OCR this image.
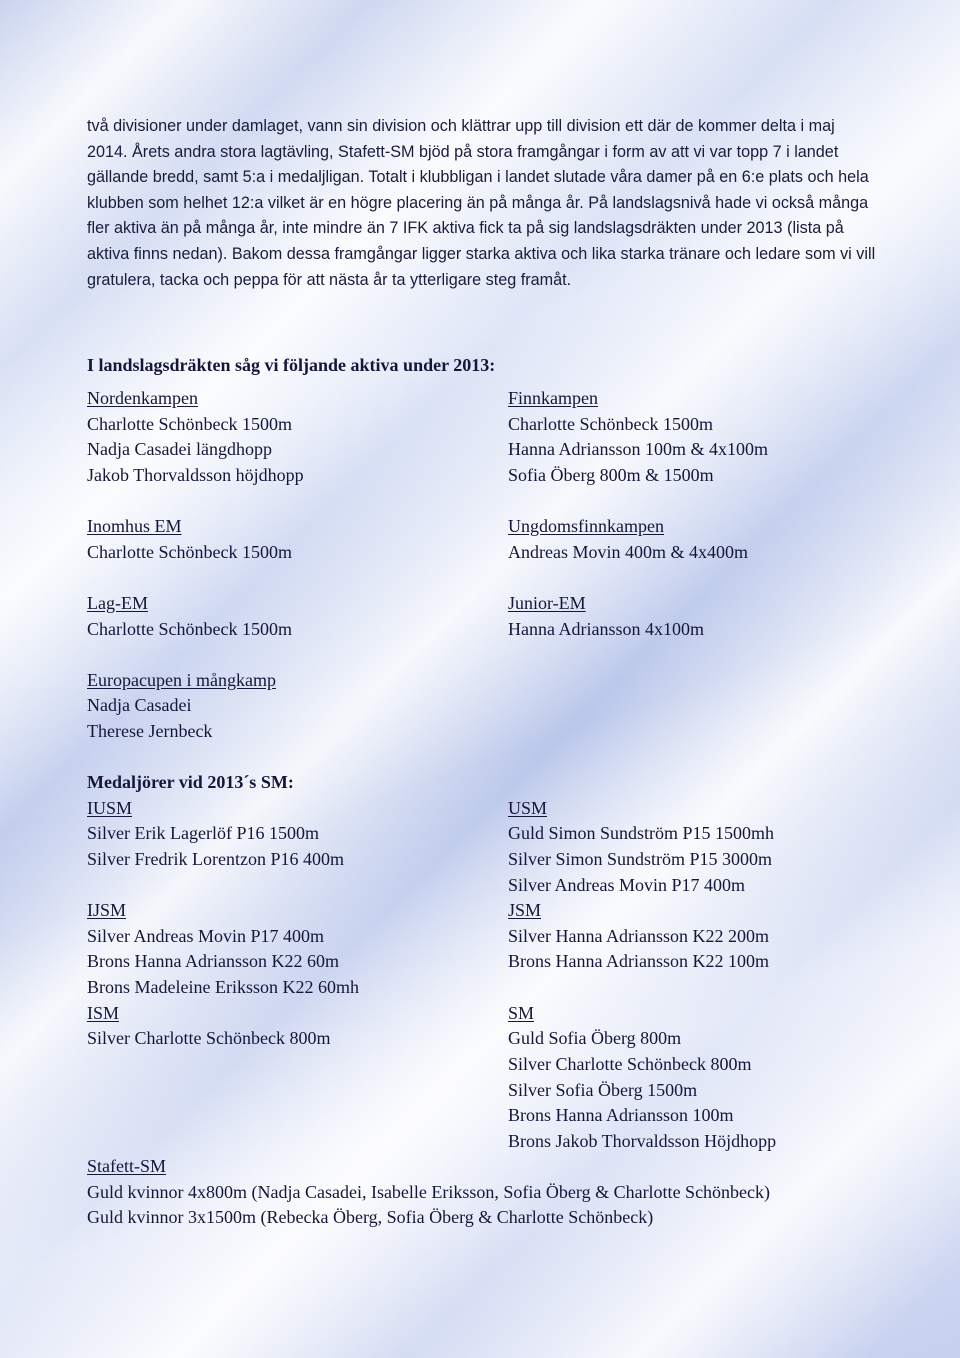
två divisioner under damlaget, vann sin division och klättrar upp till division ett där de kommer delta i maj 2014. Årets andra stora lagtävling, Stafett-SM bjöd på stora framgångar i form av att vi var topp 7 i landet gällande bredd, samt 5:a i medaljligan. Totalt i klubbligan i landet slutade våra damer på en 6:e plats och hela klubben som helhet 12:a vilket är en högre placering än på många år. På landslagsnivå hade vi också många fler aktiva än på många år, inte mindre än 7 IFK aktiva fick ta på sig landslagsdräkten under 2013 (lista på aktiva finns nedan). Bakom dessa framgångar ligger starka aktiva och lika starka tränare och ledare som vi vill gratulera, tacka och peppa för att nästa år ta ytterligare steg framåt.

I landslagsdräkten såg vi följande aktiva under 2013:

Nordenkampen
Charlotte Schönbeck 1500m
Nadja Casadei längdhopp
Jakob Thorvaldsson höjdhopp
Finnkampen
Charlotte Schönbeck 1500m
Hanna Adriansson 100m & 4x100m
Sofia Öberg 800m & 1500m
Inomhus EM
Charlotte Schönbeck 1500m
Ungdomsfinnkampen
Andreas Movin 400m & 4x400m
Lag-EM
Charlotte Schönbeck 1500m
Junior-EM
Hanna Adriansson 4x100m
Europacupen i mångkamp
Nadja Casadei
Therese Jernbeck
Medaljörer vid 2013´s SM:
IUSM
Silver Erik Lagerlöf P16 1500m
Silver Fredrik Lorentzon P16 400m
USM
Guld Simon Sundström P15 1500mh
Silver Simon Sundström P15 3000m
Silver Andreas Movin P17 400m
IJSM
Silver Andreas Movin P17 400m
Brons Hanna Adriansson K22 60m
Brons Madeleine Eriksson K22 60mh
JSM
Silver Hanna Adriansson K22 200m
Brons Hanna Adriansson K22 100m
ISM
Silver Charlotte Schönbeck 800m
SM
Guld Sofia Öberg 800m
Silver Charlotte Schönbeck 800m
Silver Sofia Öberg 1500m
Brons Hanna Adriansson 100m
Brons Jakob Thorvaldsson Höjdhopp
Stafett-SM
Guld kvinnor 4x800m (Nadja Casadei, Isabelle Eriksson, Sofia Öberg & Charlotte Schönbeck)
Guld kvinnor 3x1500m (Rebecka Öberg, Sofia Öberg & Charlotte Schönbeck)
